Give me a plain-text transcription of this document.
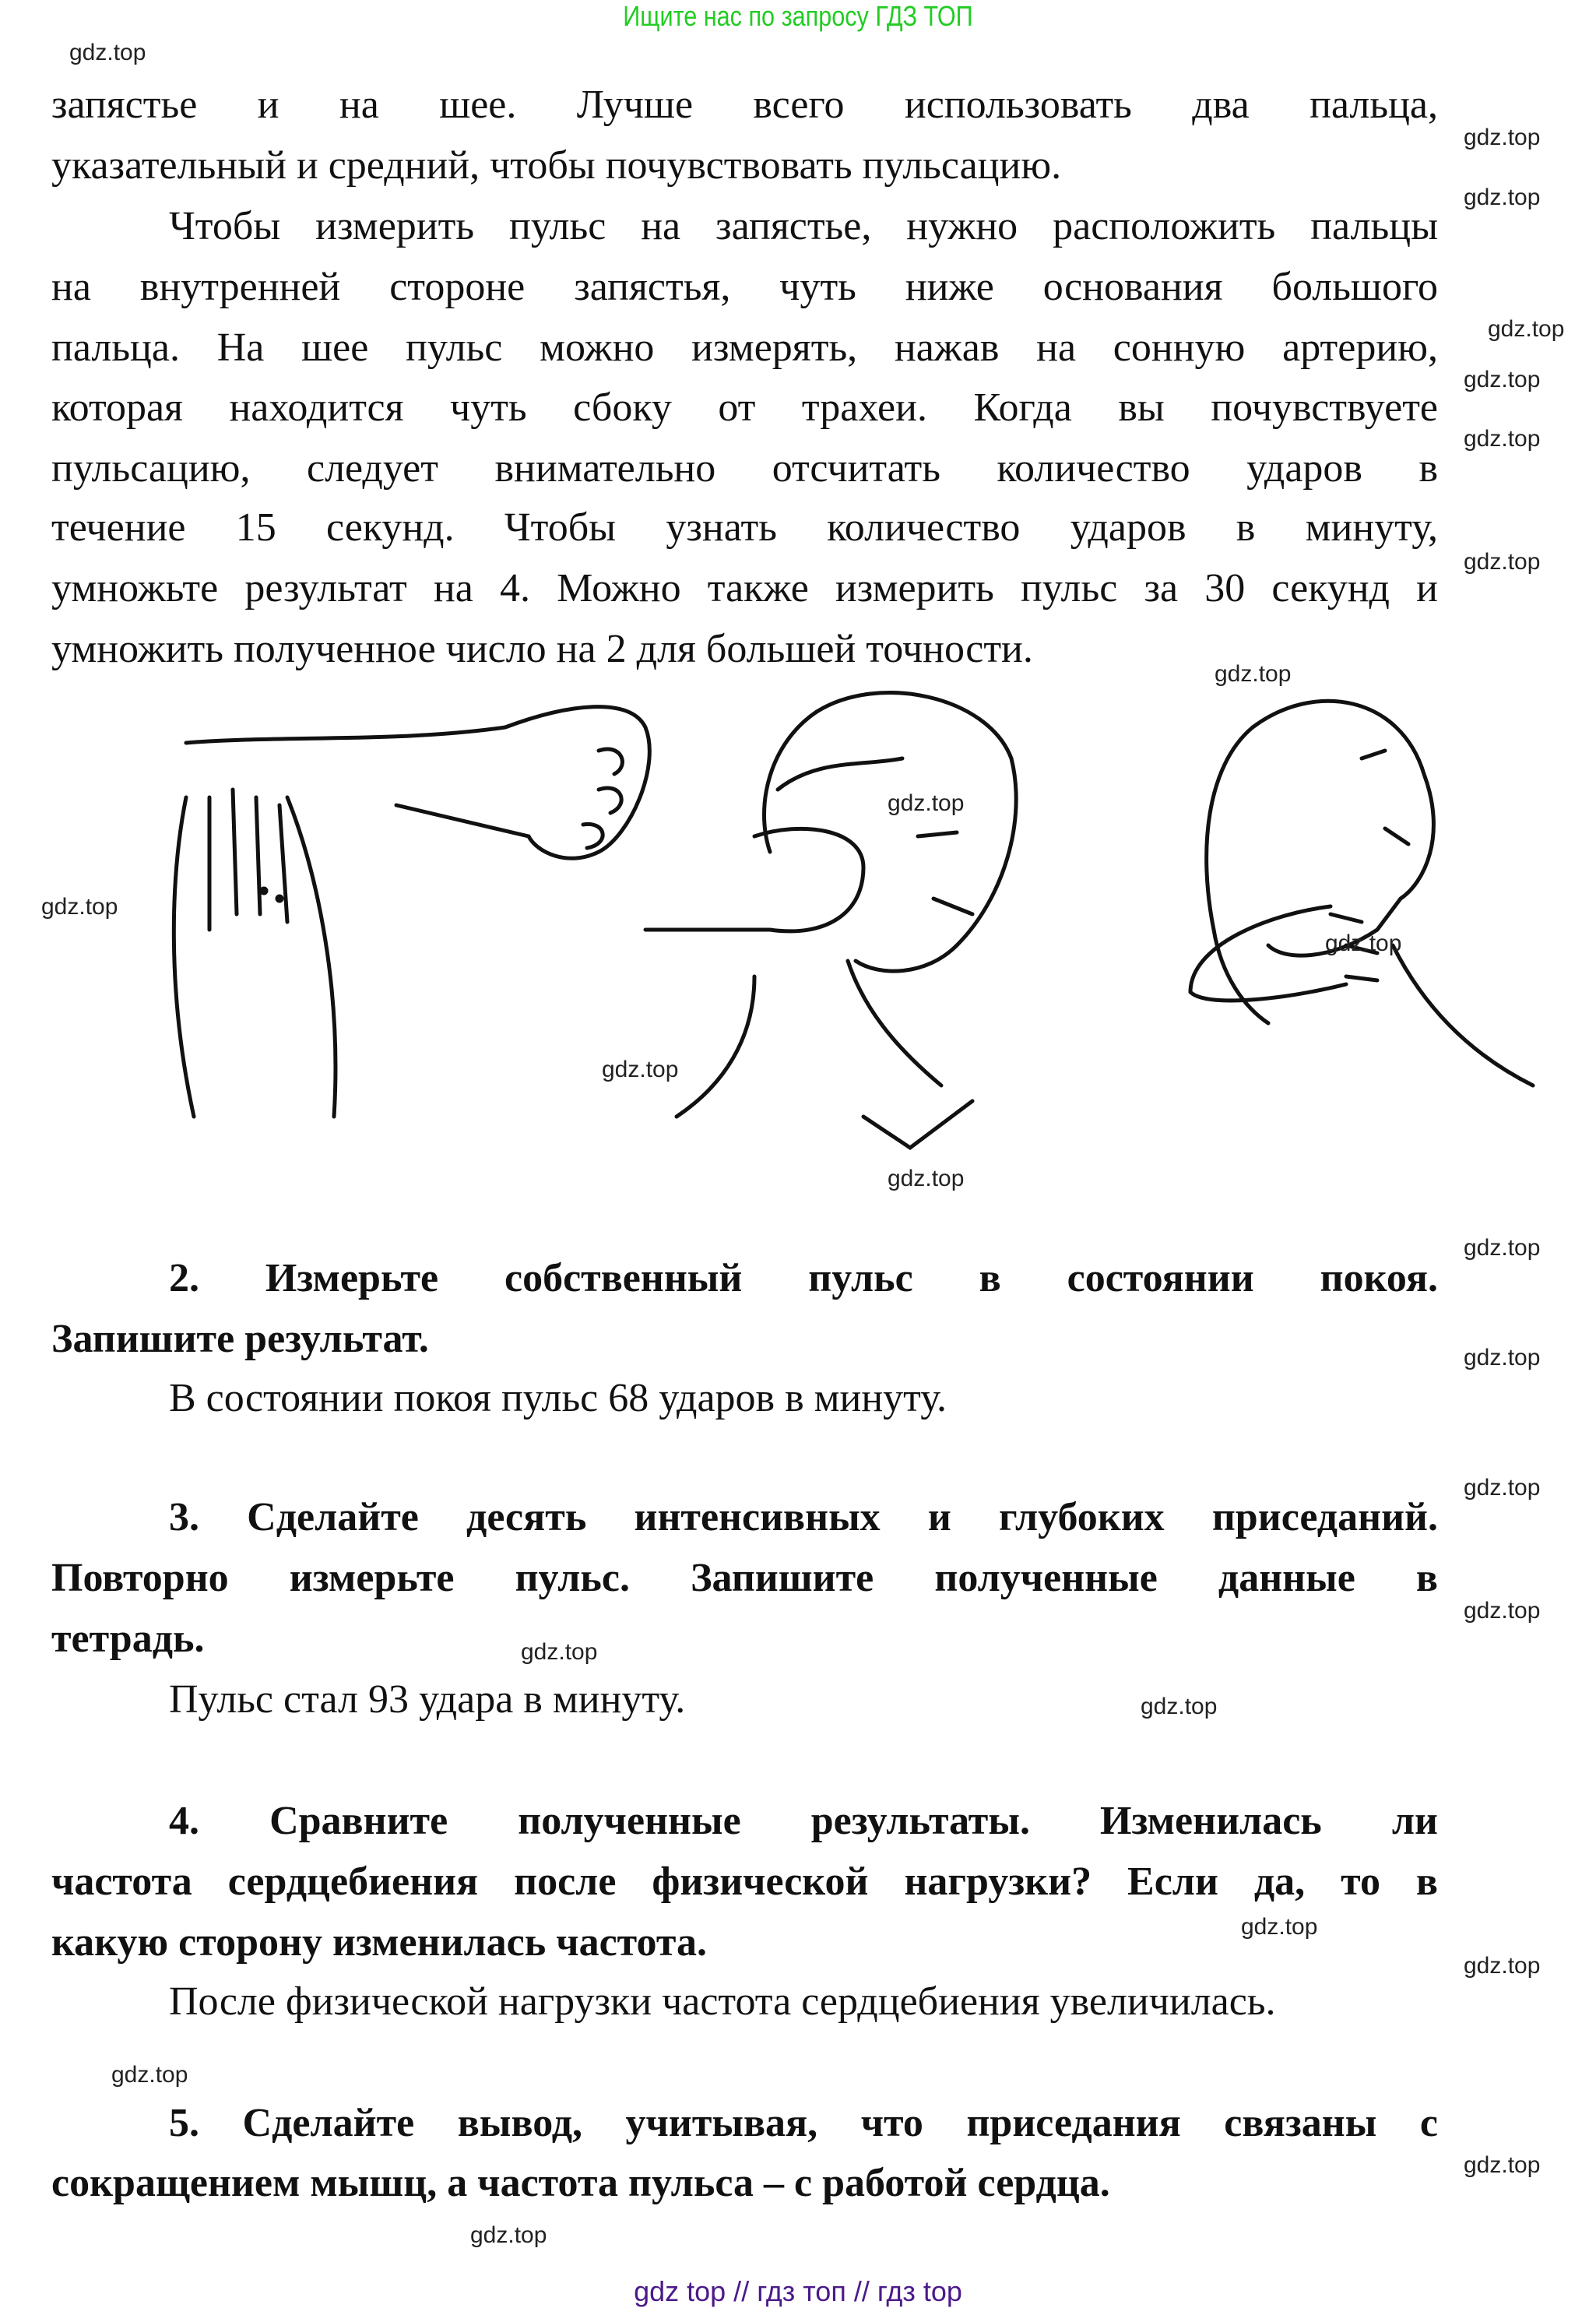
Ищите нас по запросу ГДЗ ТОП
запястье и на шее. Лучше всего использовать два пальца,
указательный и средний, чтобы почувствовать пульсацию.
Чтобы измерить пульс на запястье, нужно расположить пальцы
на внутренней стороне запястья, чуть ниже основания большого
пальца. На шее пульс можно измерять, нажав на сонную артерию,
которая находится чуть сбоку от трахеи. Когда вы почувствуете
пульсацию, следует внимательно отсчитать количество ударов в
течение 15 секунд. Чтобы узнать количество ударов в минуту,
умножьте результат на 4. Можно также измерить пульс за 30 секунд и
умножить полученное число на 2 для большей точности.
2. Измерьте собственный пульс в состоянии покоя.
Запишите результат.
В состоянии покоя пульс 68 ударов в минуту.
3. Сделайте десять интенсивных и глубоких приседаний.
Повторно измерьте пульс. Запишите полученные данные в
тетрадь.
Пульс стал 93 удара в минуту.
4. Сравните полученные результаты. Изменилась ли
частота сердцебиения после физической нагрузки? Если да, то в
какую сторону изменилась частота.
После физической нагрузки частота сердцебиения увеличилась.
5. Сделайте вывод, учитывая, что приседания связаны с
сокращением мышц, а частота пульса – с работой сердца.
gdz.top
gdz.top
gdz.top
gdz.top
gdz.top
gdz.top
gdz.top
gdz.top
gdz.top
gdz.top
gdz.top
gdz.top
gdz.top
gdz.top
gdz.top
gdz.top
gdz.top
gdz.top
gdz.top
gdz.top
gdz.top
gdz.top
gdz.top
gdz.top
gdz top // гдз топ // гдз top
